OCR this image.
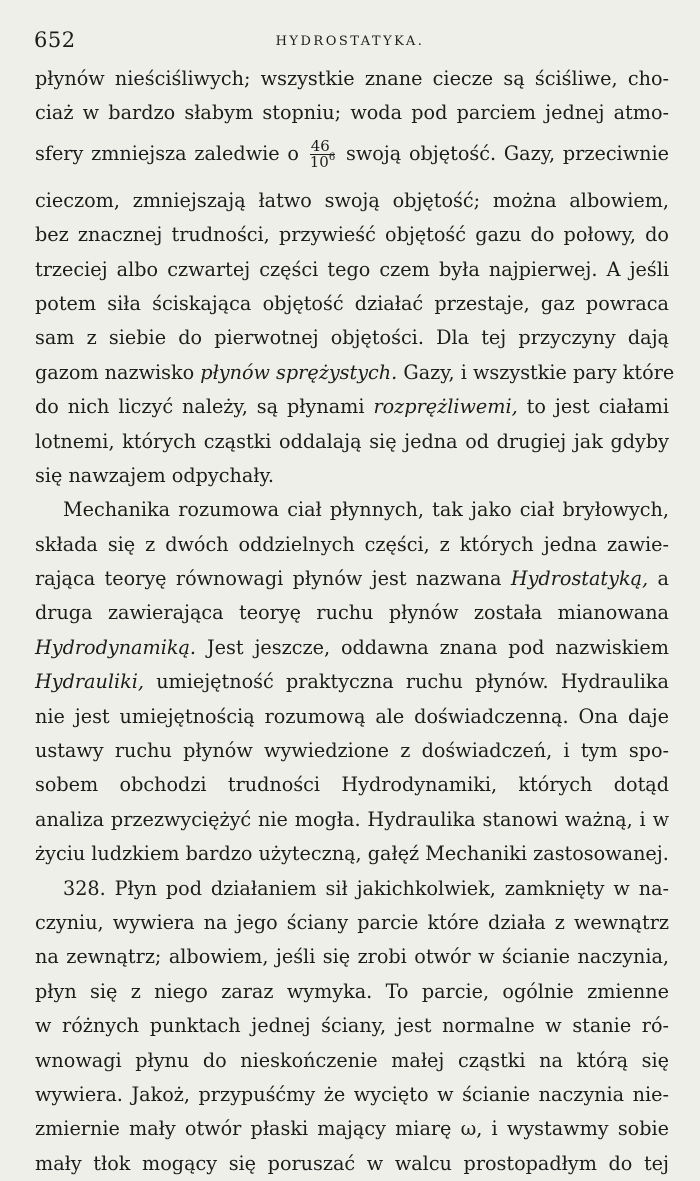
652	HYDROSTATYKA.
płynów nieściśliwych; wszystkie znane ciecze są ściśliwe, cho-
ciaż w bardzo słabym stopniu; woda pod parciem jednej atmo-
sfery zmniejsza zaledwie o $\frac{46}{10^6}$ swoją objętość. Gazy, przeciwnie
cieczom, zmniejszają łatwo swoją objętość; można albowiem,
bez znacznej trudności, przywieść objętość gazu do połowy, do
trzeciej albo czwartej części tego czem była najpierwej. A jeśli
potem siła ściskająca objętość działać przestaje, gaz powraca
sam z siebie do pierwotnej objętości. Dla tej przyczyny dają
gazom nazwisko płynów sprężystych. Gazy, i wszystkie pary które
do nich liczyć należy, są płynami rozprężliwemi, to jest ciałami
lotnemi, których cząstki oddalają się jedna od drugiej jak gdyby
się nawzajem odpychały.
Mechanika rozumowa ciał płynnych, tak jako ciał bryłowych,
składa się z dwóch oddzielnych części, z których jedna zawie-
rająca teoryę równowagi płynów jest nazwana Hydrostatyką, a
druga zawierająca teoryę ruchu płynów została mianowana
Hydrodynamiką. Jest jeszcze, oddawna znana pod nazwiskiem
Hydrauliki, umiejętność praktyczna ruchu płynów. Hydraulika
nie jest umiejętnością rozumową ale doświadczenną. Ona daje
ustawy ruchu płynów wywiedzione z doświadczeń, i tym spo-
sobem obchodzi trudności Hydrodynamiki, których dotąd
analiza przezwyciężyć nie mogła. Hydraulika stanowi ważną, i w
życiu ludzkiem bardzo użyteczną, gałęź Mechaniki zastosowanej.
328. Płyn pod działaniem sił jakichkolwiek, zamknięty w na-
czyniu, wywiera na jego ściany parcie które działa z wewnątrz
na zewnątrz; albowiem, jeśli się zrobi otwór w ścianie naczynia,
płyn się z niego zaraz wymyka. To parcie, ogólnie zmienne
w różnych punktach jednej ściany, jest normalne w stanie ró-
wnowagi płynu do nieskończenie małej cząstki na którą się
wywiera. Jakoż, przypuśćmy że wycięto w ścianie naczynia nie-
zmiernie mały otwór płaski mający miarę ω, i wystawmy sobie
mały tłok mogący się poruszać w walcu prostopadłym do tej
